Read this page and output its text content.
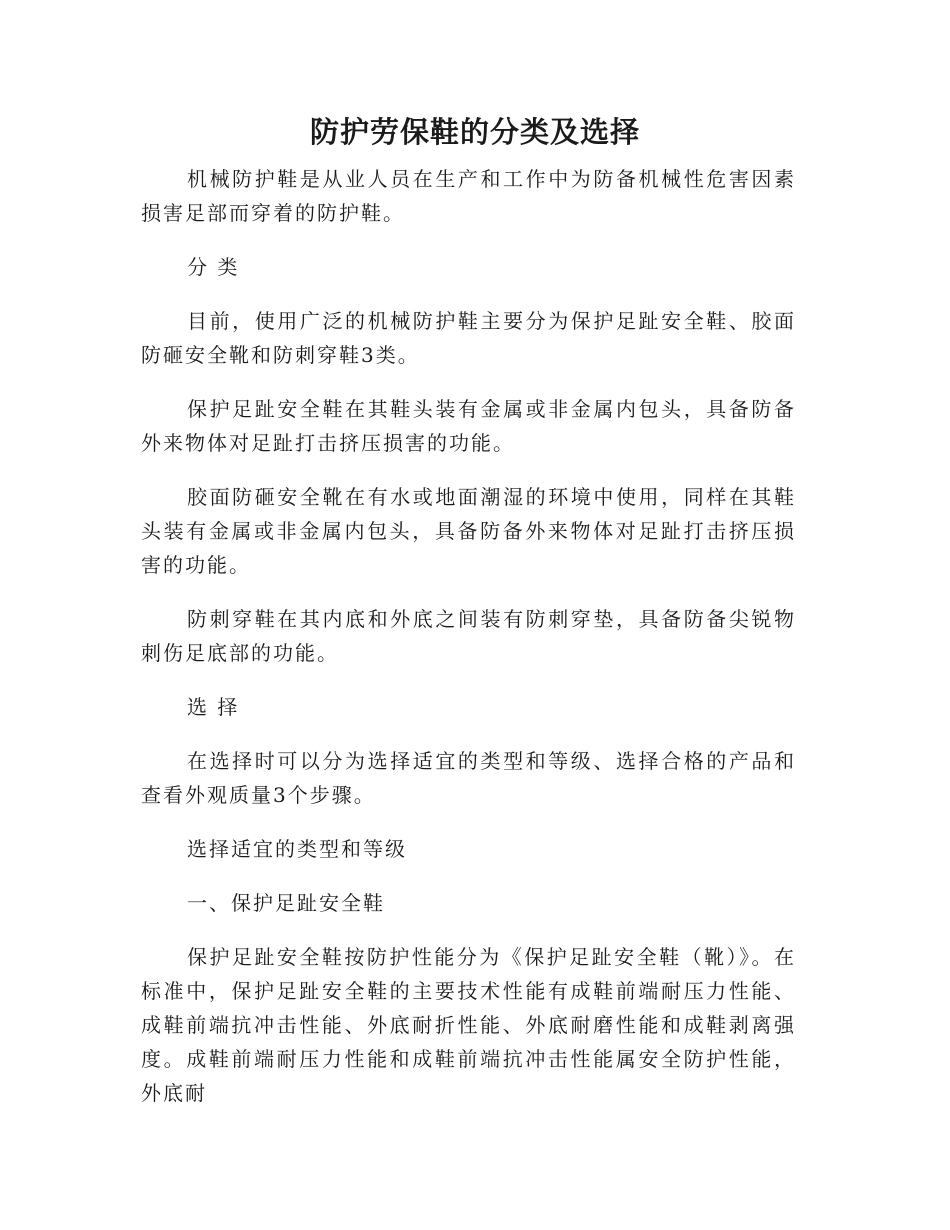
防护劳保鞋的分类及选择

机械防护鞋是从业人员在生产和工作中为防备机械性危害因素损害足部而穿着的防护鞋。

分 类

目前，使用广泛的机械防护鞋主要分为保护足趾安全鞋、胶面防砸安全靴和防刺穿鞋3类。

保护足趾安全鞋在其鞋头装有金属或非金属内包头，具备防备外来物体对足趾打击挤压损害的功能。

胶面防砸安全靴在有水或地面潮湿的环境中使用，同样在其鞋头装有金属或非金属内包头，具备防备外来物体对足趾打击挤压损害的功能。

防刺穿鞋在其内底和外底之间装有防刺穿垫，具备防备尖锐物刺伤足底部的功能。

选 择

在选择时可以分为选择适宜的类型和等级、选择合格的产品和查看外观质量3个步骤。

选择适宜的类型和等级

一、保护足趾安全鞋

保护足趾安全鞋按防护性能分为《保护足趾安全鞋（靴）》。在标准中，保护足趾安全鞋的主要技术性能有成鞋前端耐压力性能、成鞋前端抗冲击性能、外底耐折性能、外底耐磨性能和成鞋剥离强度。成鞋前端耐压力性能和成鞋前端抗冲击性能属安全防护性能，外底耐
